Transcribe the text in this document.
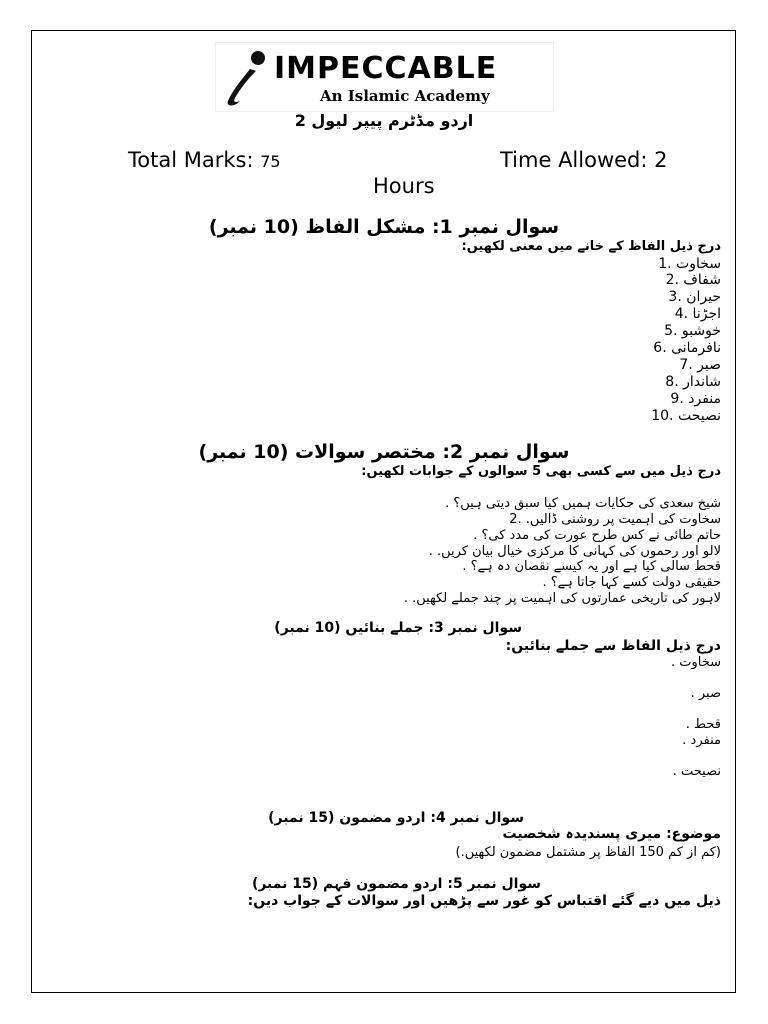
IMPECCABLE
An Islamic Academy
اردو مڈٹرم پیپر لیول 2
Total Marks: 75	Time Allowed: 2
Hours
سوال نمبر 1: مشکل الفاظ (10 نمبر)
درج ذیل الفاظ کے خانے میں معنی لکھیں:
سخاوت .1
شفاف .2
حیران .3
اجڑنا .4
خوشبو .5
نافرمانی .6
صبر .7
شاندار .8
منفرد .9
نصیحت .10
سوال نمبر 2: مختصر سوالات (10 نمبر)
درج ذیل میں سے کسی بھی 5 سوالوں کے جوابات لکھیں:
شیخ سعدی کی حکایات ہمیں کیا سبق دیتی ہیں؟ .
سخاوت کی اہمیت پر روشنی ڈالیں. .2
حاتم طائی نے کس طرح عورت کی مدد کی؟ .
لالو اور رحموں کی کہانی کا مرکزی خیال بیان کریں. .
قحط سالی کیا ہے اور یہ کیسے نقصان دہ ہے؟ .
حقیقی دولت کسے کہا جاتا ہے؟ .
لاہور کی تاریخی عمارتوں کی اہمیت پر چند جملے لکھیں. .
سوال نمبر 3: جملے بنائیں (10 نمبر)
درج ذیل الفاظ سے جملے بنائیں:
سخاوت .
صبر .
قحط .
منفرد .
نصیحت .
سوال نمبر 4: اردو مضمون (15 نمبر)
موضوع: میری پسندیدہ شخصیت
(کم از کم 150 الفاظ پر مشتمل مضمون لکھیں.)
سوال نمبر 5: اردو مضمون فہم (15 نمبر)
ذیل میں دیے گئے اقتباس کو غور سے پڑھیں اور سوالات کے جواب دیں:
